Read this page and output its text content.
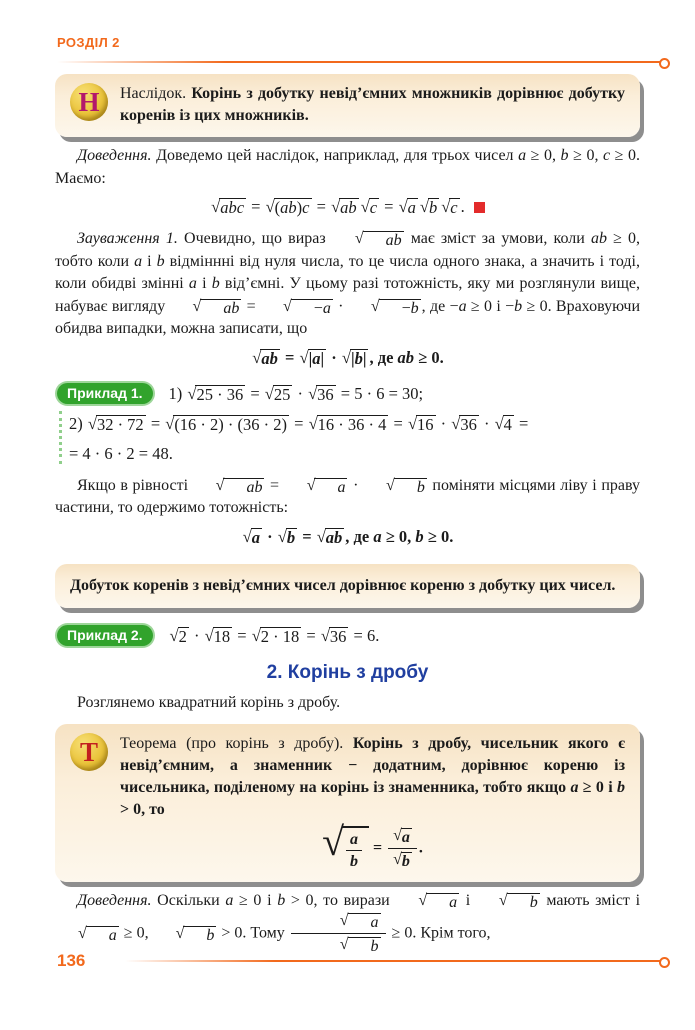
РОЗДІЛ 2
Н Наслідок. Корінь з добутку невід’ємних множників дорівнює добутку коренів із цих множників.

Доведення. Доведемо цей наслідок, наприклад, для трьох чисел a ≥ 0, b ≥ 0, c ≥ 0. Маємо:

√ abc = √ (ab)c = √ ab √ c = √ a √ b √ c .

Зауваження 1. Очевидно, що вираз	√	ab має зміст за умови, коли ab ≥ 0, тобто коли a і b відміннні від нуля числа, то це числа одного знака, а значить і тоді, коли обидві змінні a і b від’ємні. У цьому разі тотожність, яку ми розглянули вище, набуває вигляду	√	ab =	√	−a ·	√	−b , де −a ≥ 0 і −b ≥ 0. Враховуючи обидва випадки, можна записати, що

√ ab = √ |a| · √ |b| , де ab ≥ 0.
Приклад 1.	1) √ 25 · 36 = √ 25 · √ 36 = 5 · 6 = 30;
2) √ 32 · 72 = √ (16 · 2) · (36 · 2) = √ 16 · 36 · 4 = √ 16 · √ 36 · √ 4 =
= 4 · 6 · 2 = 48.

Якщо в рівності	√	ab =	√	a ·	√	b поміняти місцями ліву і праву частини, то одержимо тотожність:

√ a · √ b = √ ab , де a ≥ 0, b ≥ 0.
Добуток коренів з невід’ємних чисел дорівнює кореню з добутку цих чисел.
Приклад 2.	√ 2 · √ 18 = √ 2 · 18 = √ 36 = 6.
2. Корінь з дробу

Розглянемо квадратний корінь з дробу.

Т Теорема (про корінь з дробу). Корінь з дробу, чисельник якого є невід’ємним, а знаменник − додатним, дорівнює кореню із чисельника, поділеному на корінь із знаменника, тобто якщо a ≥ 0 і b > 0, то
√ $\frac{a}{b} = \frac{√ a}{√ b}$ .

Доведення. Оскільки a ≥ 0 і b > 0, то вирази	√	a і	√	b мають зміст і
√	a ≥ 0,	√	b > 0. Тому √	a
√	b ≥ 0. Крім того,

136
